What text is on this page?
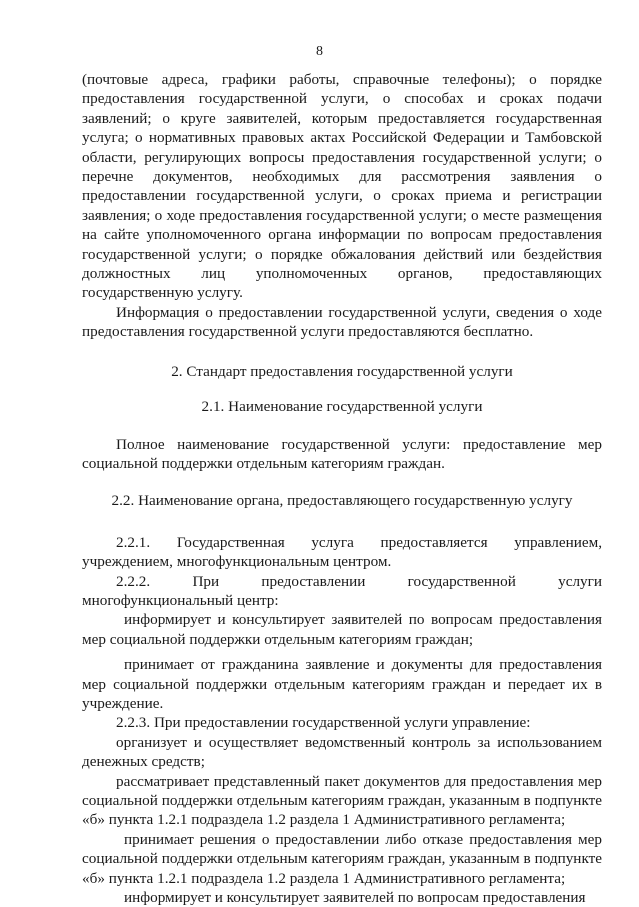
8

(почтовые адреса, графики работы, справочные телефоны); о порядке предоставления государственной услуги, о способах и сроках подачи заявлений; о круге заявителей, которым предоставляется государственная услуга; о нормативных правовых актах Российской Федерации и Тамбовской области, регулирующих вопросы предоставления государственной услуги; о перечне документов, необходимых для рассмотрения заявления о предоставлении государственной услуги, о сроках приема и регистрации заявления; о ходе предоставления государственной услуги; о месте размещения на сайте уполномоченного органа информации по вопросам предоставления государственной услуги; о порядке обжалования действий или бездействия должностных лиц уполномоченных органов, предоставляющих государственную услугу.

Информация о предоставлении государственной услуги, сведения о ходе предоставления государственной услуги предоставляются бесплатно.

2. Стандарт предоставления государственной услуги

2.1. Наименование государственной услуги

Полное наименование государственной услуги: предоставление мер социальной поддержки отдельным категориям граждан.

2.2. Наименование органа, предоставляющего государственную услугу

2.2.1. Государственная услуга предоставляется управлением, учреждением, многофункциональным центром.

2.2.2. При предоставлении государственной услуги многофункциональный центр:

информирует и консультирует заявителей по вопросам предоставления мер социальной поддержки отдельным категориям граждан;

принимает от гражданина заявление и документы для предоставления мер социальной поддержки отдельным категориям граждан и передает их в учреждение.

2.2.3. При предоставлении государственной услуги управление:

организует и осуществляет ведомственный контроль за использованием денежных средств;

рассматривает представленный пакет документов для предоставления мер социальной поддержки отдельным категориям граждан, указанным в подпункте «б» пункта 1.2.1 подраздела 1.2 раздела 1 Административного регламента;

принимает решения о предоставлении либо отказе предоставления мер социальной поддержки отдельным категориям граждан, указанным в подпункте «б» пункта 1.2.1 подраздела 1.2 раздела 1 Административного регламента;

информирует и консультирует заявителей по вопросам предоставления
